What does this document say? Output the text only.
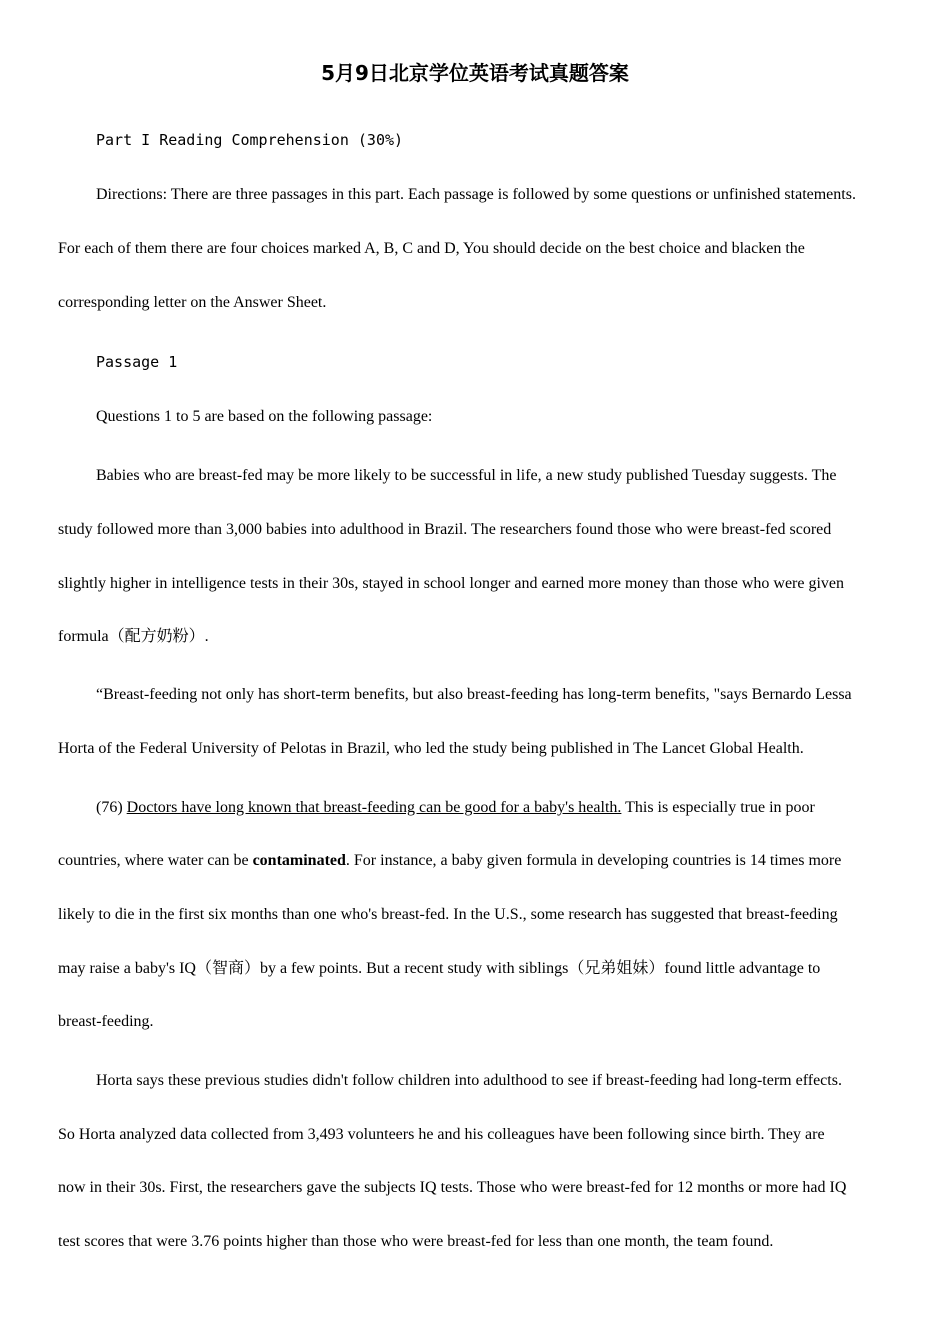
5月9日北京学位英语考试真题答案
Part I Reading Comprehension (30%)
Directions: There are three passages in this part. Each passage is followed by some questions or unfinished statements.
For each of them there are four choices marked A, B, C and D, You should decide on the best choice and blacken the
corresponding letter on the Answer Sheet.
Passage 1
Questions 1 to 5 are based on the following passage:
Babies who are breast-fed may be more likely to be successful in life, a new study published Tuesday suggests. The
study followed more than 3,000 babies into adulthood in Brazil. The researchers found those who were breast-fed scored
slightly higher in intelligence tests in their 30s, stayed in school longer and earned more money than those who were given
formula（配方奶粉）.
“Breast-feeding not only has short-term benefits, but also breast-feeding has long-term benefits, "says Bernardo Lessa
Horta of the Federal University of Pelotas in Brazil, who led the study being published in The Lancet Global Health.
(76) Doctors have long known that breast-feeding can be good for a baby's health. This is especially true in poor
countries, where water can be contaminated. For instance, a baby given formula in developing countries is 14 times more
likely to die in the first six months than one who's breast-fed. In the U.S., some research has suggested that breast-feeding
may raise a baby's IQ（智商）by a few points. But a recent study with siblings（兄弟姐妹）found little advantage to
breast-feeding.
Horta says these previous studies didn't follow children into adulthood to see if breast-feeding had long-term effects.
So Horta analyzed data collected from 3,493 volunteers he and his colleagues have been following since birth. They are
now in their 30s. First, the researchers gave the subjects IQ tests. Those who were breast-fed for 12 months or more had IQ
test scores that were 3.76 points higher than those who were breast-fed for less than one month, the team found.
